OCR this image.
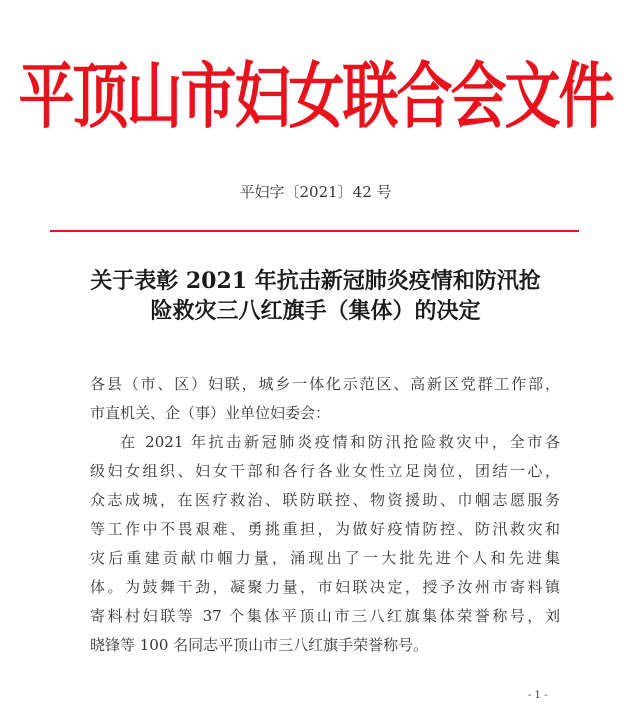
平顶山市妇女联合会文件
平妇字〔2021〕42 号
关于表彰 2021 年抗击新冠肺炎疫情和防汛抢
险救灾三八红旗手（集体）的决定
各县（市、区）妇联，城乡一体化示范区、高新区党群工作部，
市直机关、企（事）业单位妇委会：
在 2021 年抗击新冠肺炎疫情和防汛抢险救灾中，全市各
级妇女组织、妇女干部和各行各业女性立足岗位，团结一心，
众志成城，在医疗救治、联防联控、物资援助、巾帼志愿服务
等工作中不畏艰难、勇挑重担，为做好疫情防控、防汛救灾和
灾后重建贡献巾帼力量，涌现出了一大批先进个人和先进集
体。为鼓舞干劲，凝聚力量，市妇联决定，授予汝州市寄料镇
寄料村妇联等 37 个集体平顶山市三八红旗集体荣誉称号，刘
晓锋等 100 名同志平顶山市三八红旗手荣誉称号。
- 1 -
